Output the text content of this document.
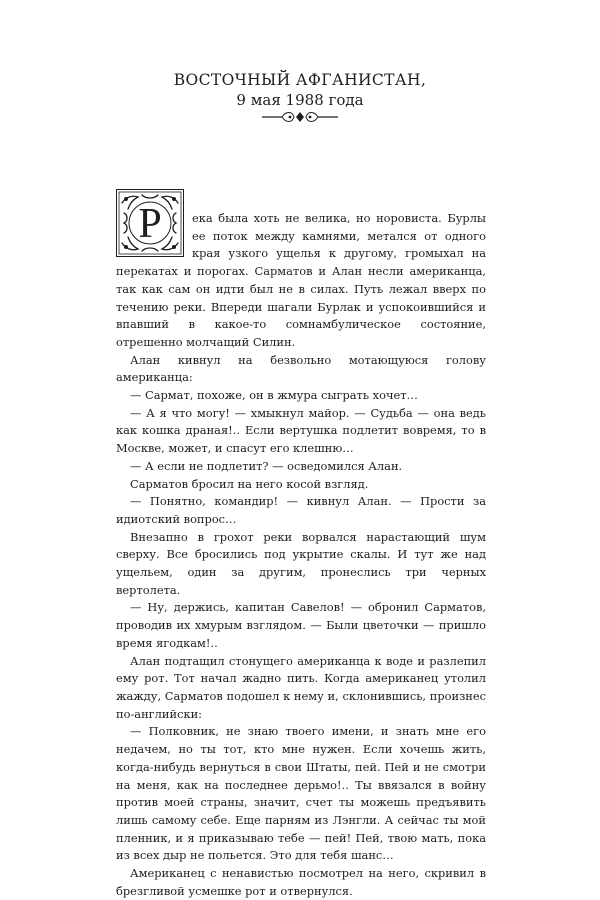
ВОСТОЧНЫЙ АФГАНИСТАН,
9 мая 1988 года
Р	ека была хоть не велика, но норовиста. Бурлы ее поток между камнями, метался от одного края узкого ущелья к другому, громыхал на перекатах и порогах. Сарматов и Алан несли американца, так как сам он идти был не в силах. Путь лежал вверх по течению реки. Впереди шагали Бурлак и успокоившийся и впавший в какое-то сомнамбулическое состояние, отрешенно молчащий Силин.

Алан кивнул на безвольно мотающуюся голову американца:

— Сармат, похоже, он в жмура сыграть хочет…

— А я что могу! — хмыкнул майор. — Судьба — она ведь как кошка драная!.. Если вертушка подлетит вовремя, то в Москве, может, и спасут его клешню…

— А если не подлетит? — осведомился Алан.

Сарматов бросил на него косой взгляд.

— Понятно, командир! — кивнул Алан. — Прости за идиотский вопрос…

Внезапно в грохот реки ворвался нарастающий шум сверху. Все бросились под укрытие скалы. И тут же над ущельем, один за другим, пронеслись три черных вертолета.

— Ну, держись, капитан Савелов! — обронил Сарматов, проводив их хмурым взглядом. — Были цветочки — пришло время ягодкам!..

Алан подтащил стонущего американца к воде и разлепил ему рот. Тот начал жадно пить. Когда американец утолил жажду, Сарматов подошел к нему и, склонившись, произнес по-английски:

— Полковник, не знаю твоего имени, и знать мне его недачем, но ты тот, кто мне нужен. Если хочешь жить, когда-нибудь вернуться в свои Штаты, пей. Пей и не смотри на меня, как на последнее дерьмо!.. Ты ввязался в войну против моей страны, значит, счет ты можешь предъявить лишь самому себе. Еще парням из Лэнгли. А сейчас ты мой пленник, и я приказываю тебе — пей! Пей, твою мать, пока из всех дыр не польется. Это для тебя шанс…

Американец с ненавистью посмотрел на него, скривил в брезгливой усмешке рот и отвернулся.
